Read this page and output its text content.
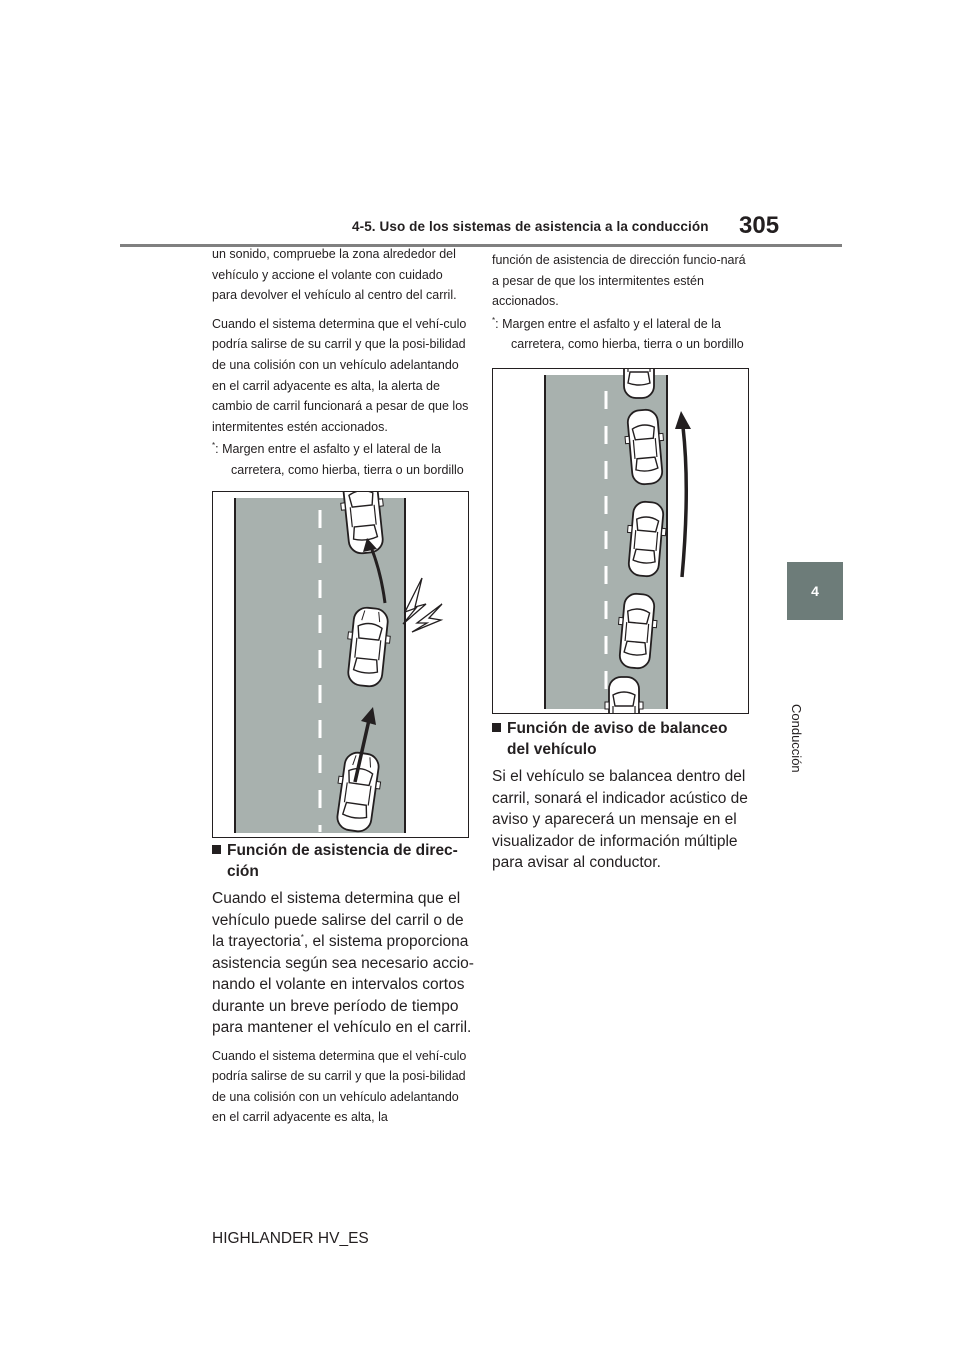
4-5. Uso de los sistemas de asistencia a la conducción 305
4
Conducción

un sonido, compruebe la zona alrededor del vehículo y accione el volante con cuidado para devolver el vehículo al centro del carril.

Cuando el sistema determina que el vehí-culo podría salirse de su carril y que la posi-bilidad de una colisión con un vehículo adelantando en el carril adyacente es alta, la alerta de cambio de carril funcionará a pesar de que los intermitentes estén accionados.

*: Margen entre el asfalto y el lateral de la carretera, como hierba, tierra o un bordillo

Función de asistencia de direc-ción

Cuando el sistema determina que el vehículo puede salirse del carril o de la trayectoria*, el sistema proporciona asistencia según sea necesario accio-nando el volante en intervalos cortos durante un breve período de tiempo para mantener el vehículo en el carril.

Cuando el sistema determina que el vehí-culo podría salirse de su carril y que la posi-bilidad de una colisión con un vehículo adelantando en el carril adyacente es alta, la

función de asistencia de dirección funcio-nará a pesar de que los intermitentes estén accionados.

*: Margen entre el asfalto y el lateral de la carretera, como hierba, tierra o un bordillo

Función de aviso de balanceo del vehículo

Si el vehículo se balancea dentro del carril, sonará el indicador acústico de aviso y aparecerá un mensaje en el visualizador de información múltiple para avisar al conductor.

HIGHLANDER HV_ES
